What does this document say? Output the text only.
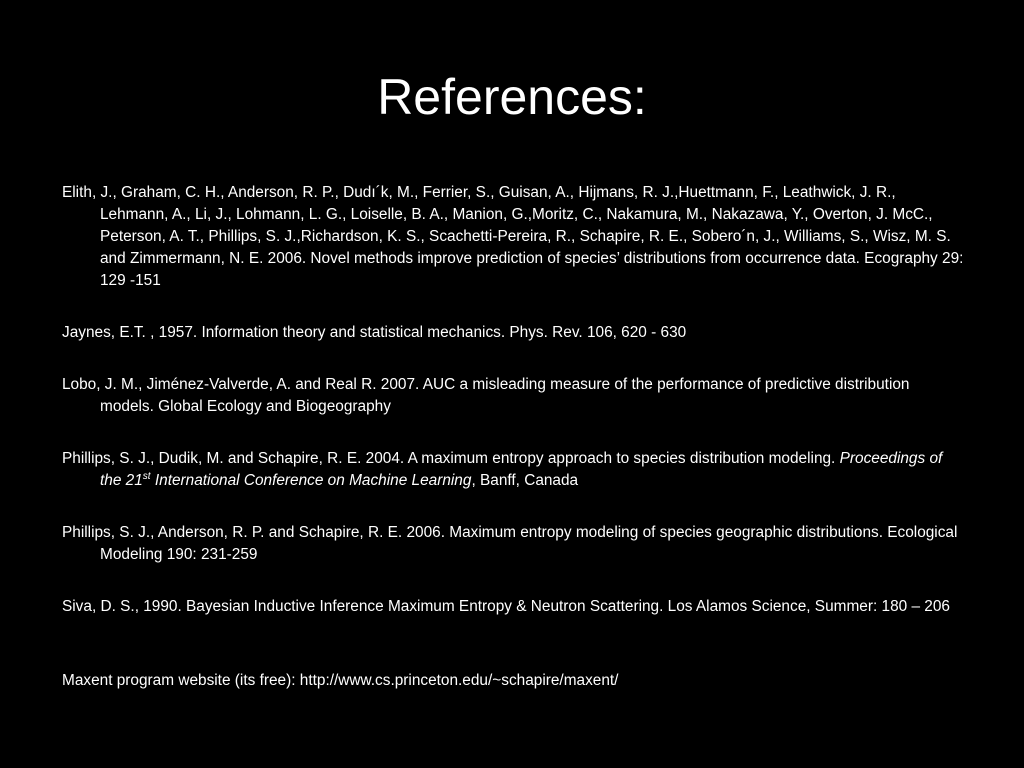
References:

Elith, J., Graham, C. H., Anderson, R. P., Dudı´k, M., Ferrier, S., Guisan, A., Hijmans, R. J.,Huettmann, F., Leathwick, J. R., Lehmann, A., Li, J., Lohmann, L. G., Loiselle, B. A., Manion, G.,Moritz, C., Nakamura, M., Nakazawa, Y., Overton, J. McC., Peterson, A. T., Phillips, S. J.,Richardson, K. S., Scachetti-Pereira, R., Schapire, R. E., Sobero´n, J., Williams, S., Wisz, M. S. and Zimmermann, N. E. 2006. Novel methods improve prediction of species’ distributions from occurrence data. Ecography 29: 129 -151

Jaynes, E.T. , 1957. Information theory and statistical mechanics. Phys. Rev. 106, 620 - 630

Lobo, J. M., Jiménez-Valverde, A. and Real R. 2007. AUC a misleading measure of the performance of predictive distribution models. Global Ecology and Biogeography

Phillips, S. J., Dudik, M. and Schapire, R. E. 2004. A maximum entropy approach to species distribution modeling. Proceedings of the 21st International Conference on Machine Learning, Banff, Canada

Phillips, S. J., Anderson, R. P. and Schapire, R. E. 2006. Maximum entropy modeling of species geographic distributions. Ecological Modeling 190: 231-259

Siva, D. S., 1990. Bayesian Inductive Inference Maximum Entropy & Neutron Scattering. Los Alamos Science, Summer: 180 – 206

Maxent program website (its free): http://www.cs.princeton.edu/~schapire/maxent/
